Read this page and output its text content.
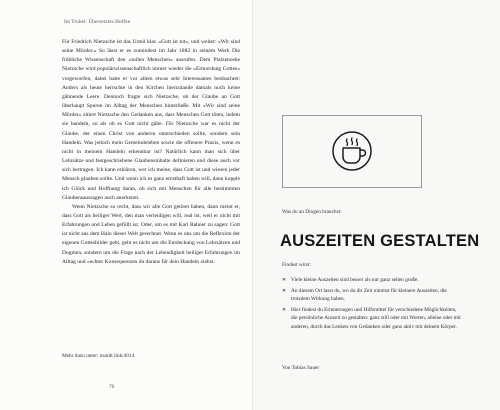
Im Trubel: Übersetztes Hoffen

Für Friedrich Nietzsche ist das Urteil klar. »Gott ist tot«, und weiter: »Wir sind seine Mörder.« So lässt er es zumindest im Jahr 1882 in seinem Werk Die fröhliche Wissenschaft den »tollen Menschen« ausrufen. Dem Platzenoshe Nietzsche wird populärwissenschaftlich immer wieder die »Ermordung Gottes« vorgeworfen, dabei hatte er vor allem etwas sehr Interessantes beobachtet: Anders als heute herrschte in den Kirchen hierzulande damals noch keine gähnende Leere. Dennoch fragte sich Nietzsche, ob der Glaube an Gott überhaupt Spuren im Alltag der Menschen hinterließe. Mit »Wir sind seine Mörder« zitiert Nietzsche den Gedanken aus, dass Menschen Gott töten, indem sie handeln, so als ob es Gott nicht gäbe. Für Nietzsche war es nicht der Glaube, der einen Christ von anderen unterschieden sollte, sondern sein Handeln. Was jedoch mein Gemeindeleben sowie die offenere Praxis, wenn es nicht in meinem Handeln erkennbar ist? Natürlich kann man sich über Lehrsätze und festgeschriebene Glaubensinhalte definieren und diese auch vor sich hertragen. Ich kann erklären, wer ich meine, dass Gott ist und wiesen jeder Mensch glauben sollte. Und wenn ich es ganz ernsthaft haben will, dann kopple ich Glück und Hoffnung daran, ob sich mit Menschen für alle bestimmten Glaubensaussagen auch anerkennt.

Wenn Nietzsche so recht, dass wir alle Gott getötet haben, dann meint er, dass Gott als heiliger Wert, den man verteidigen will, real ist, weil er nicht mit Erfahrungen und Leben gefüllt ist. Oder, um es mit Karl Rahner zu sagen: Gott ist nicht aus dem Halo dieser Welt gerechnet. Wenn es uns um die Reflexion der eigenen Gottesbilder geht, geht es nicht um die Entdeckung von Lehrsätzen und Dogmen, sondern um die Frage nach der Lebendigkeit heiliger Erfahrungen im Alltag und »echter Konsequenzen du daraus für dein Handeln ziehst.

Mehr dazu unter: nsardt.link/4014
76
Was du an Dingen brauchst:
AUSZEITEN GESTALTEN
Findest wirst:
✕ Viele kleine Auszeiten sind besser als nur ganz selten große.
✕ An diesem Ort lasst du, wo du dir Zeit nimmst für kleinere Auszeiten, die trotzdem Wirkung haben.
✕ Hier findest du Erinnerungen und Hilfsmittel für verschiedene Möglichkeiten, die persönliche Auszeit zu gestalten: ganz still oder mit Worten, alleine oder mit anderen, durch das Lenken von Gedanken oder ganz aktiv mit deinem Körper.
Von Tobias Sauer
